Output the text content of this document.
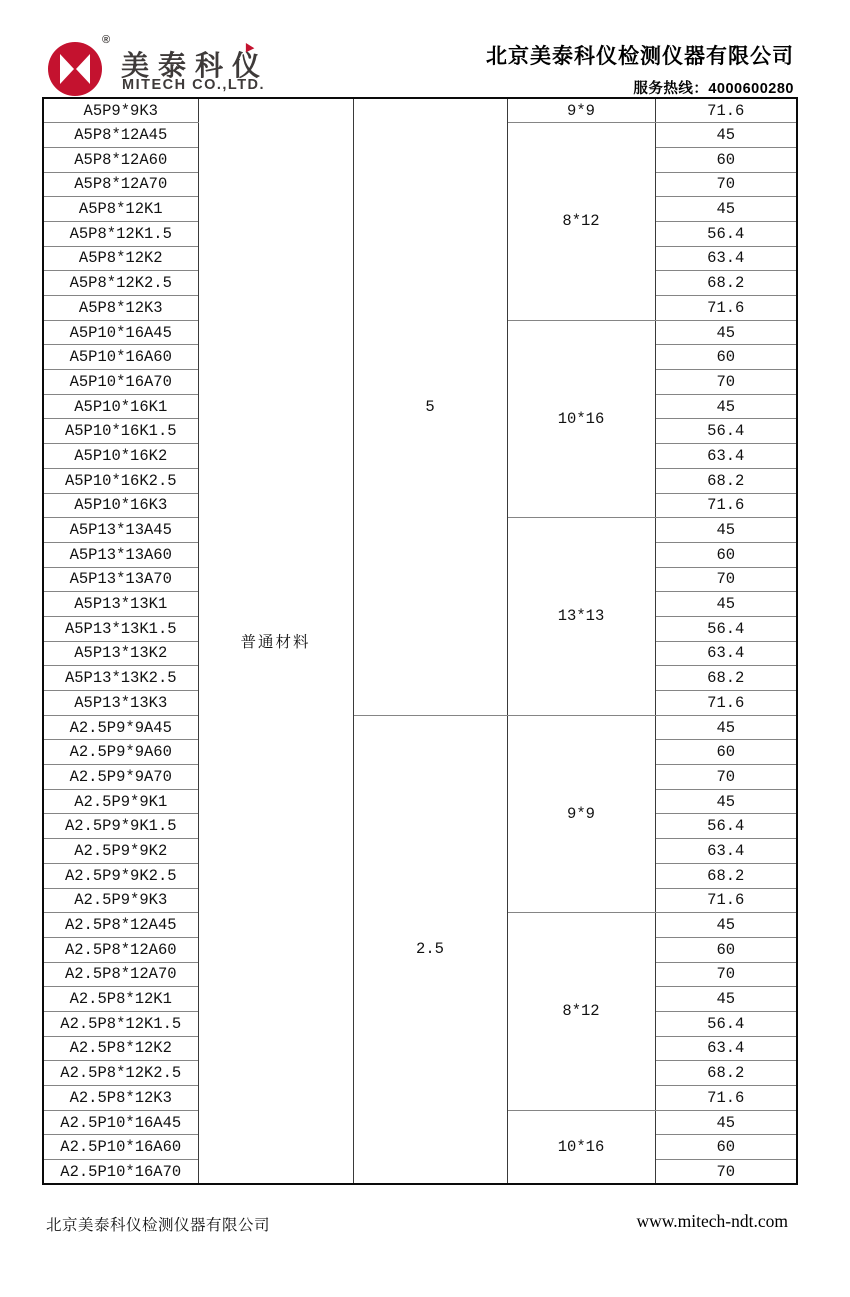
®
美泰科仪
MITECH CO.,LTD.
北京美泰科仪检测仪器有限公司
服务热线：4000600280
A5P9*9K3	普通材料	5	9*9	71.6
A5P8*12A45			8*12	45
A5P8*12A60				60
A5P8*12A70				70
A5P8*12K1				45
A5P8*12K1.5				56.4
A5P8*12K2				63.4
A5P8*12K2.5				68.2
A5P8*12K3				71.6
A5P10*16A45			10*16	45
A5P10*16A60				60
A5P10*16A70				70
A5P10*16K1				45
A5P10*16K1.5				56.4
A5P10*16K2				63.4
A5P10*16K2.5				68.2
A5P10*16K3				71.6
A5P13*13A45			13*13	45
A5P13*13A60				60
A5P13*13A70				70
A5P13*13K1				45
A5P13*13K1.5				56.4
A5P13*13K2				63.4
A5P13*13K2.5				68.2
A5P13*13K3				71.6
A2.5P9*9A45		2.5	9*9	45
A2.5P9*9A60				60
A2.5P9*9A70				70
A2.5P9*9K1				45
A2.5P9*9K1.5				56.4
A2.5P9*9K2				63.4
A2.5P9*9K2.5				68.2
A2.5P9*9K3				71.6
A2.5P8*12A45			8*12	45
A2.5P8*12A60				60
A2.5P8*12A70				70
A2.5P8*12K1				45
A2.5P8*12K1.5				56.4
A2.5P8*12K2				63.4
A2.5P8*12K2.5				68.2
A2.5P8*12K3				71.6
A2.5P10*16A45			10*16	45
A2.5P10*16A60				60
A2.5P10*16A70				70
北京美泰科仪检测仪器有限公司	www.mitech-ndt.com
